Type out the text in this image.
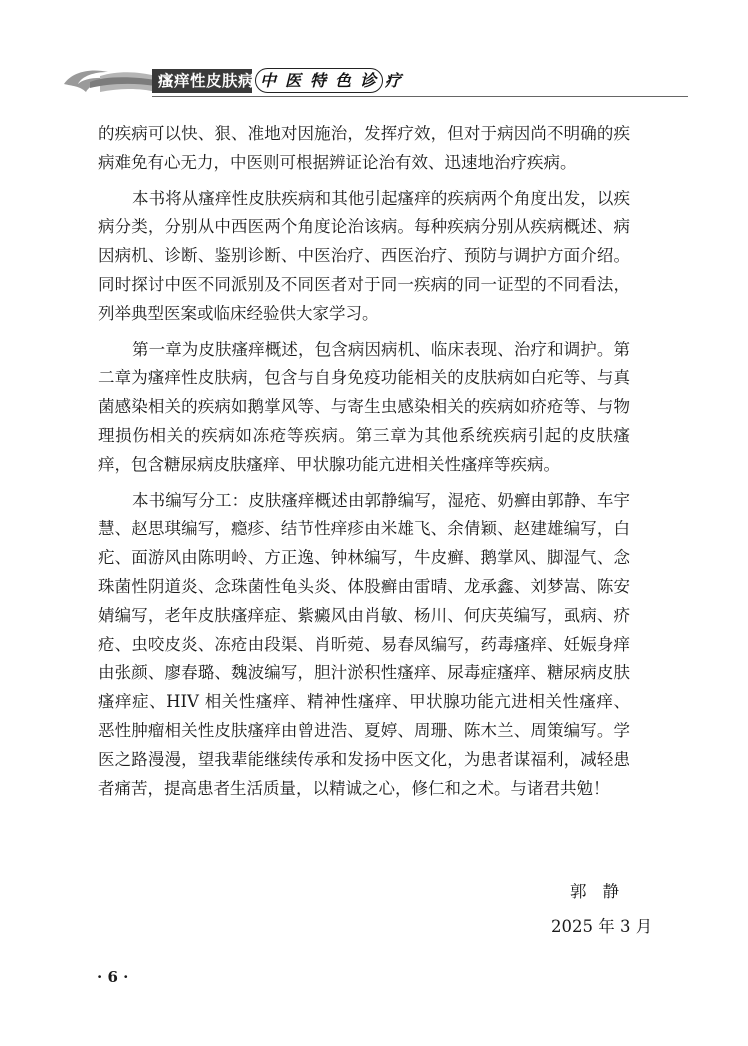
瘙痒性皮肤病 中医特色诊疗

的疾病可以快、狠、准地对因施治，发挥疗效，但对于病因尚不明确的疾病难免有心无力，中医则可根据辨证论治有效、迅速地治疗疾病。

本书将从瘙痒性皮肤疾病和其他引起瘙痒的疾病两个角度出发，以疾病分类，分别从中西医两个角度论治该病。每种疾病分别从疾病概述、病因病机、诊断、鉴别诊断、中医治疗、西医治疗、预防与调护方面介绍。同时探讨中医不同派别及不同医者对于同一疾病的同一证型的不同看法，列举典型医案或临床经验供大家学习。

第一章为皮肤瘙痒概述，包含病因病机、临床表现、治疗和调护。第二章为瘙痒性皮肤病，包含与自身免疫功能相关的皮肤病如白疕等、与真菌感染相关的疾病如鹅掌风等、与寄生虫感染相关的疾病如疥疮等、与物理损伤相关的疾病如冻疮等疾病。第三章为其他系统疾病引起的皮肤瘙痒，包含糖尿病皮肤瘙痒、甲状腺功能亢进相关性瘙痒等疾病。

本书编写分工：皮肤瘙痒概述由郭静编写，湿疮、奶癣由郭静、车宇慧、赵思琪编写，瘾疹、结节性痒疹由米雄飞、余倩颖、赵建雄编写，白疕、面游风由陈明岭、方正逸、钟林编写，牛皮癣、鹅掌风、脚湿气、念珠菌性阴道炎、念珠菌性龟头炎、体股癣由雷晴、龙承鑫、刘梦嵩、陈安婧编写，老年皮肤瘙痒症、紫癜风由肖敏、杨川、何庆英编写，虱病、疥疮、虫咬皮炎、冻疮由段渠、肖昕菀、易春凤编写，药毒瘙痒、妊娠身痒由张颜、廖春璐、魏波编写，胆汁淤积性瘙痒、尿毒症瘙痒、糖尿病皮肤瘙痒症、HIV 相关性瘙痒、精神性瘙痒、甲状腺功能亢进相关性瘙痒、恶性肿瘤相关性皮肤瘙痒由曾进浩、夏婷、周珊、陈木兰、周策编写。学医之路漫漫，望我辈能继续传承和发扬中医文化，为患者谋福利，减轻患者痛苦，提高患者生活质量，以精诚之心，修仁和之术。与诸君共勉！

郭静
2025 年 3 月
· 6 ·
